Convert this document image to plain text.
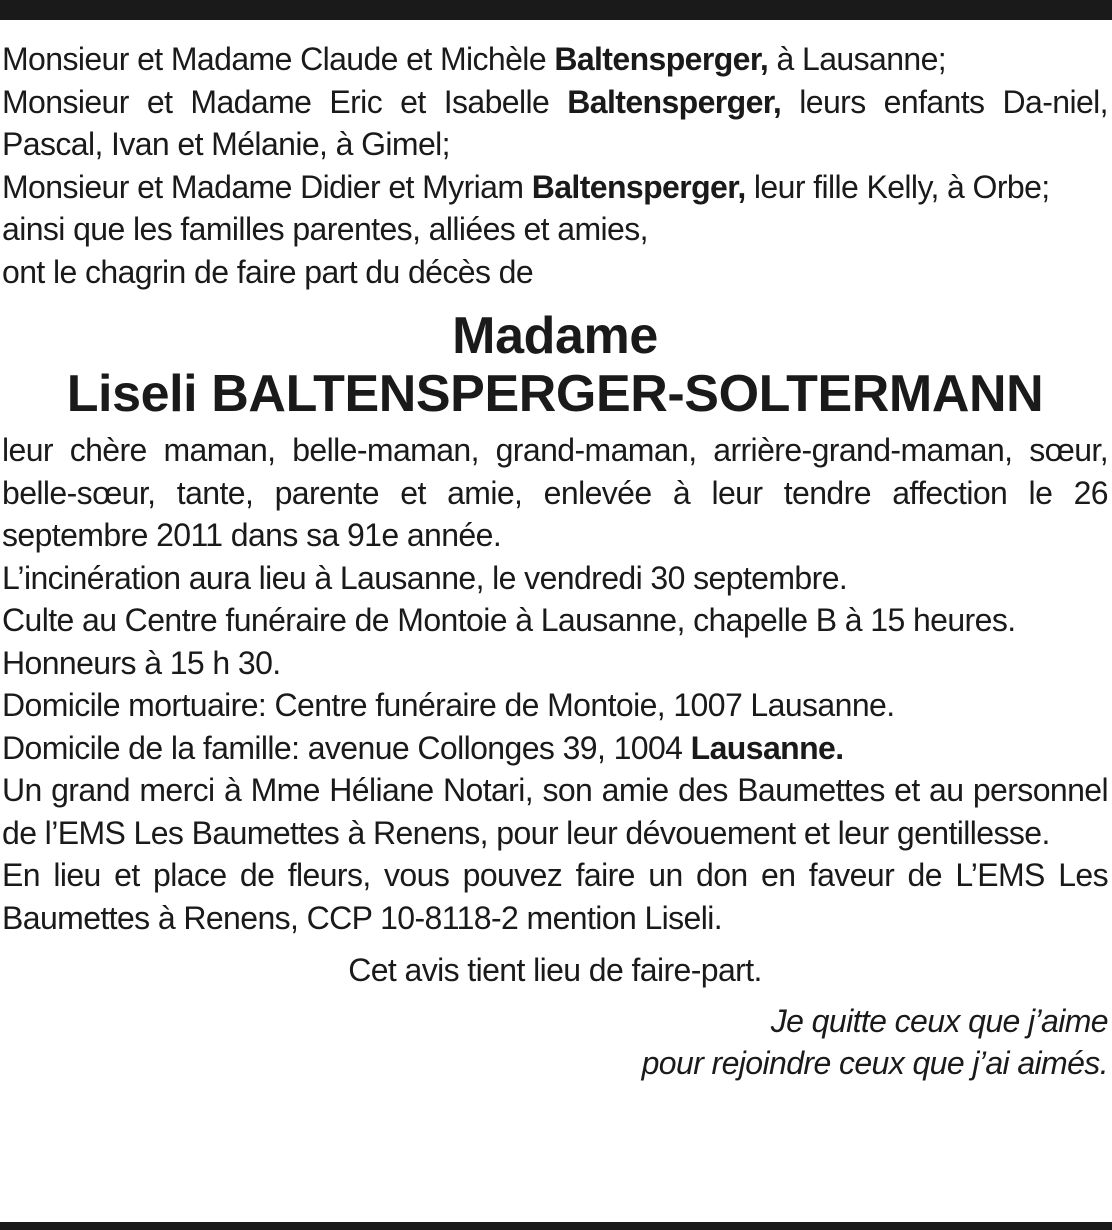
Monsieur et Madame Claude et Michèle Baltensperger, à Lausanne;

Monsieur et Madame Eric et Isabelle Baltensperger, leurs enfants Da-niel, Pascal, Ivan et Mélanie, à Gimel;

Monsieur et Madame Didier et Myriam Baltensperger, leur fille Kelly, à Orbe;

ainsi que les familles parentes, alliées et amies,

ont le chagrin de faire part du décès de

Madame
Liseli BALTENSPERGER-SOLTERMANN

leur chère maman, belle-maman, grand-maman, arrière-grand-maman, sœur, belle-sœur, tante, parente et amie, enlevée à leur tendre affection le 26 septembre 2011 dans sa 91e année.

L’incinération aura lieu à Lausanne, le vendredi 30 septembre.

Culte au Centre funéraire de Montoie à Lausanne, chapelle B à 15 heures.

Honneurs à 15 h 30.

Domicile mortuaire: Centre funéraire de Montoie, 1007 Lausanne.

Domicile de la famille: avenue Collonges 39, 1004 Lausanne.

Un grand merci à Mme Héliane Notari, son amie des Baumettes et au personnel de l’EMS Les Baumettes à Renens, pour leur dévouement et leur gentillesse.

En lieu et place de fleurs, vous pouvez faire un don en faveur de L’EMS Les Baumettes à Renens, CCP 10-8118-2 mention Liseli.

Cet avis tient lieu de faire-part.

Je quitte ceux que j’aime
pour rejoindre ceux que j’ai aimés.
